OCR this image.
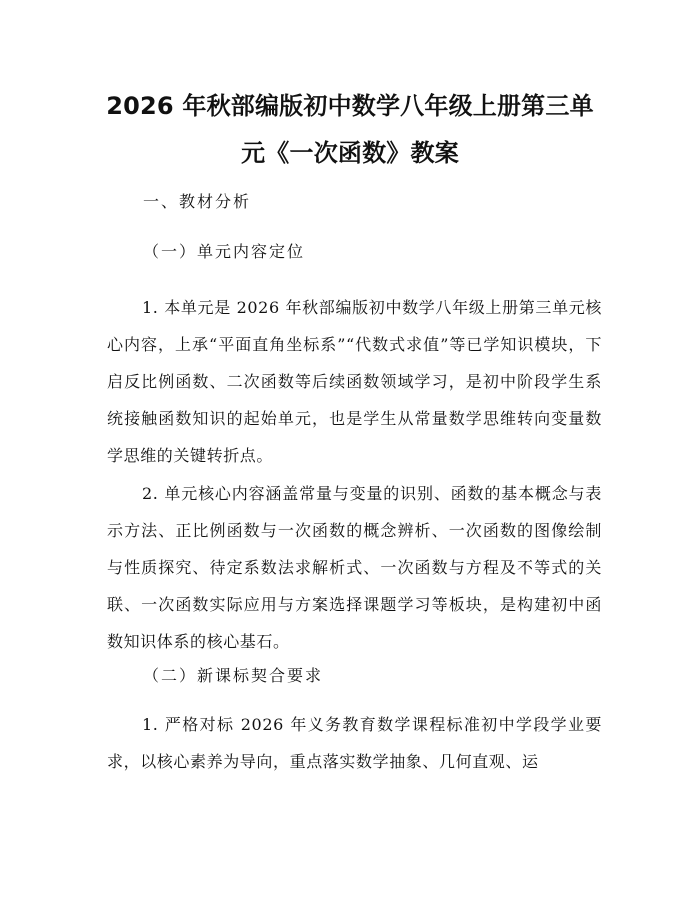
2026 年秋部编版初中数学八年级上册第三单
元《一次函数》教案
一、教材分析
（一）单元内容定位
1. 本单元是 2026 年秋部编版初中数学八年级上册第三单元核心内容，上承“平面直角坐标系”“代数式求值”等已学知识模块，下启反比例函数、二次函数等后续函数领域学习，是初中阶段学生系统接触函数知识的起始单元，也是学生从常量数学思维转向变量数学思维的关键转折点。
2. 单元核心内容涵盖常量与变量的识别、函数的基本概念与表示方法、正比例函数与一次函数的概念辨析、一次函数的图像绘制与性质探究、待定系数法求解析式、一次函数与方程及不等式的关联、一次函数实际应用与方案选择课题学习等板块，是构建初中函数知识体系的核心基石。
（二）新课标契合要求
1. 严格对标 2026 年义务教育数学课程标准初中学段学业要求，以核心素养为导向，重点落实数学抽象、几何直观、运
